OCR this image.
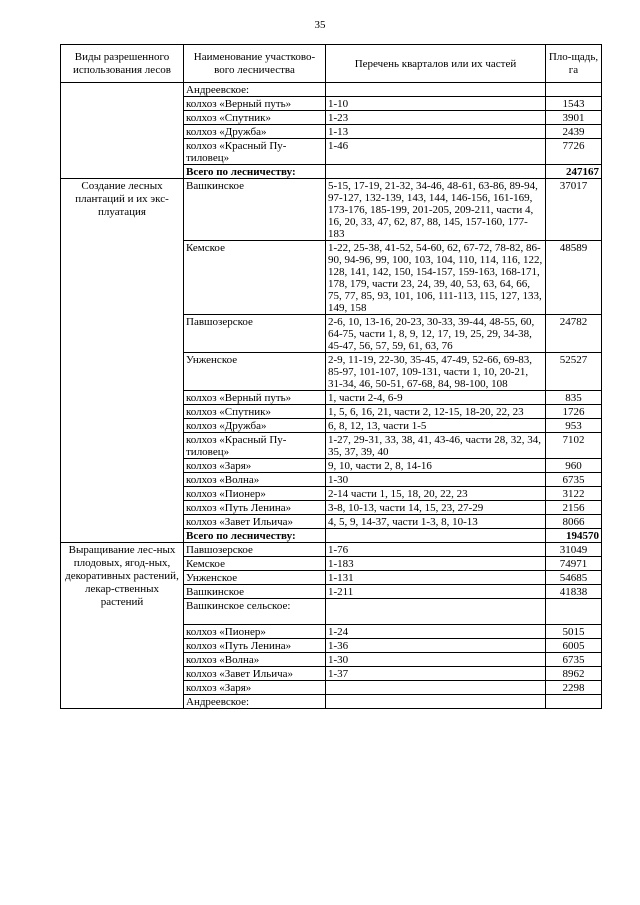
35
Виды разрешенного использования лесов	Наименование участково-вого лесничества	Перечень кварталов или их частей	Пло-щадь, га
	Андреевское:		
	колхоз «Верный путь»	1-10	1543
	колхоз «Спутник»	1-23	3901
	колхоз «Дружба»	1-13	2439
	колхоз «Красный Пу-тиловец»	1-46	7726
	Всего по лесничеству:		247167
Создание лесных плантаций и их экс-плуатация	Вашкинское	5-15, 17-19, 21-32, 34-46, 48-61, 63-86, 89-94, 97-127, 132-139, 143, 144, 146-156, 161-169, 173-176, 185-199, 201-205, 209-211, части 4, 16, 20, 33, 47, 62, 87, 88, 145, 157-160, 177-183	37017
	Кемское	1-22, 25-38, 41-52, 54-60, 62, 67-72, 78-82, 86-90, 94-96, 99, 100, 103, 104, 110, 114, 116, 122, 128, 141, 142, 150, 154-157, 159-163, 168-171, 178, 179, части 23, 24, 39, 40, 53, 63, 64, 66, 75, 77, 85, 93, 101, 106, 111-113, 115, 127, 133, 149, 158	48589
	Павшозерское	2-6, 10, 13-16, 20-23, 30-33, 39-44, 48-55, 60, 64-75, части 1, 8, 9, 12, 17, 19, 25, 29, 34-38, 45-47, 56, 57, 59, 61, 63, 76	24782
	Унженское	2-9, 11-19, 22-30, 35-45, 47-49, 52-66, 69-83, 85-97, 101-107, 109-131, части 1, 10, 20-21, 31-34, 46, 50-51, 67-68, 84, 98-100, 108	52527
	колхоз «Верный путь»	1, части 2-4, 6-9	835
	колхоз «Спутник»	1, 5, 6, 16, 21, части 2, 12-15, 18-20, 22, 23	1726
	колхоз «Дружба»	6, 8, 12, 13, части 1-5	953
	колхоз «Красный Пу-тиловец»	1-27, 29-31, 33, 38, 41, 43-46, части 28, 32, 34, 35, 37, 39, 40	7102
	колхоз «Заря»	9, 10, части 2, 8, 14-16	960
	колхоз «Волна»	1-30	6735
	колхоз «Пионер»	2-14 части 1, 15, 18, 20, 22, 23	3122
	колхоз «Путь Ленина»	3-8, 10-13, части 14, 15, 23, 27-29	2156
	колхоз «Завет Ильича»	4, 5, 9, 14-37, части 1-3, 8, 10-13	8066
	Всего по лесничеству:		194570
Выращивание лес-ных плодовых, ягод-ных, декоративных растений, лекар-ственных растений	Павшозерское	1-76	31049
	Кемское	1-183	74971
	Унженское	1-131	54685
	Вашкинское	1-211	41838
	Вашкинское сельское:		
	колхоз «Пионер»	1-24	5015
	колхоз «Путь Ленина»	1-36	6005
	колхоз «Волна»	1-30	6735
	колхоз «Завет Ильича»	1-37	8962
	колхоз «Заря»		2298
	Андреевское:		
